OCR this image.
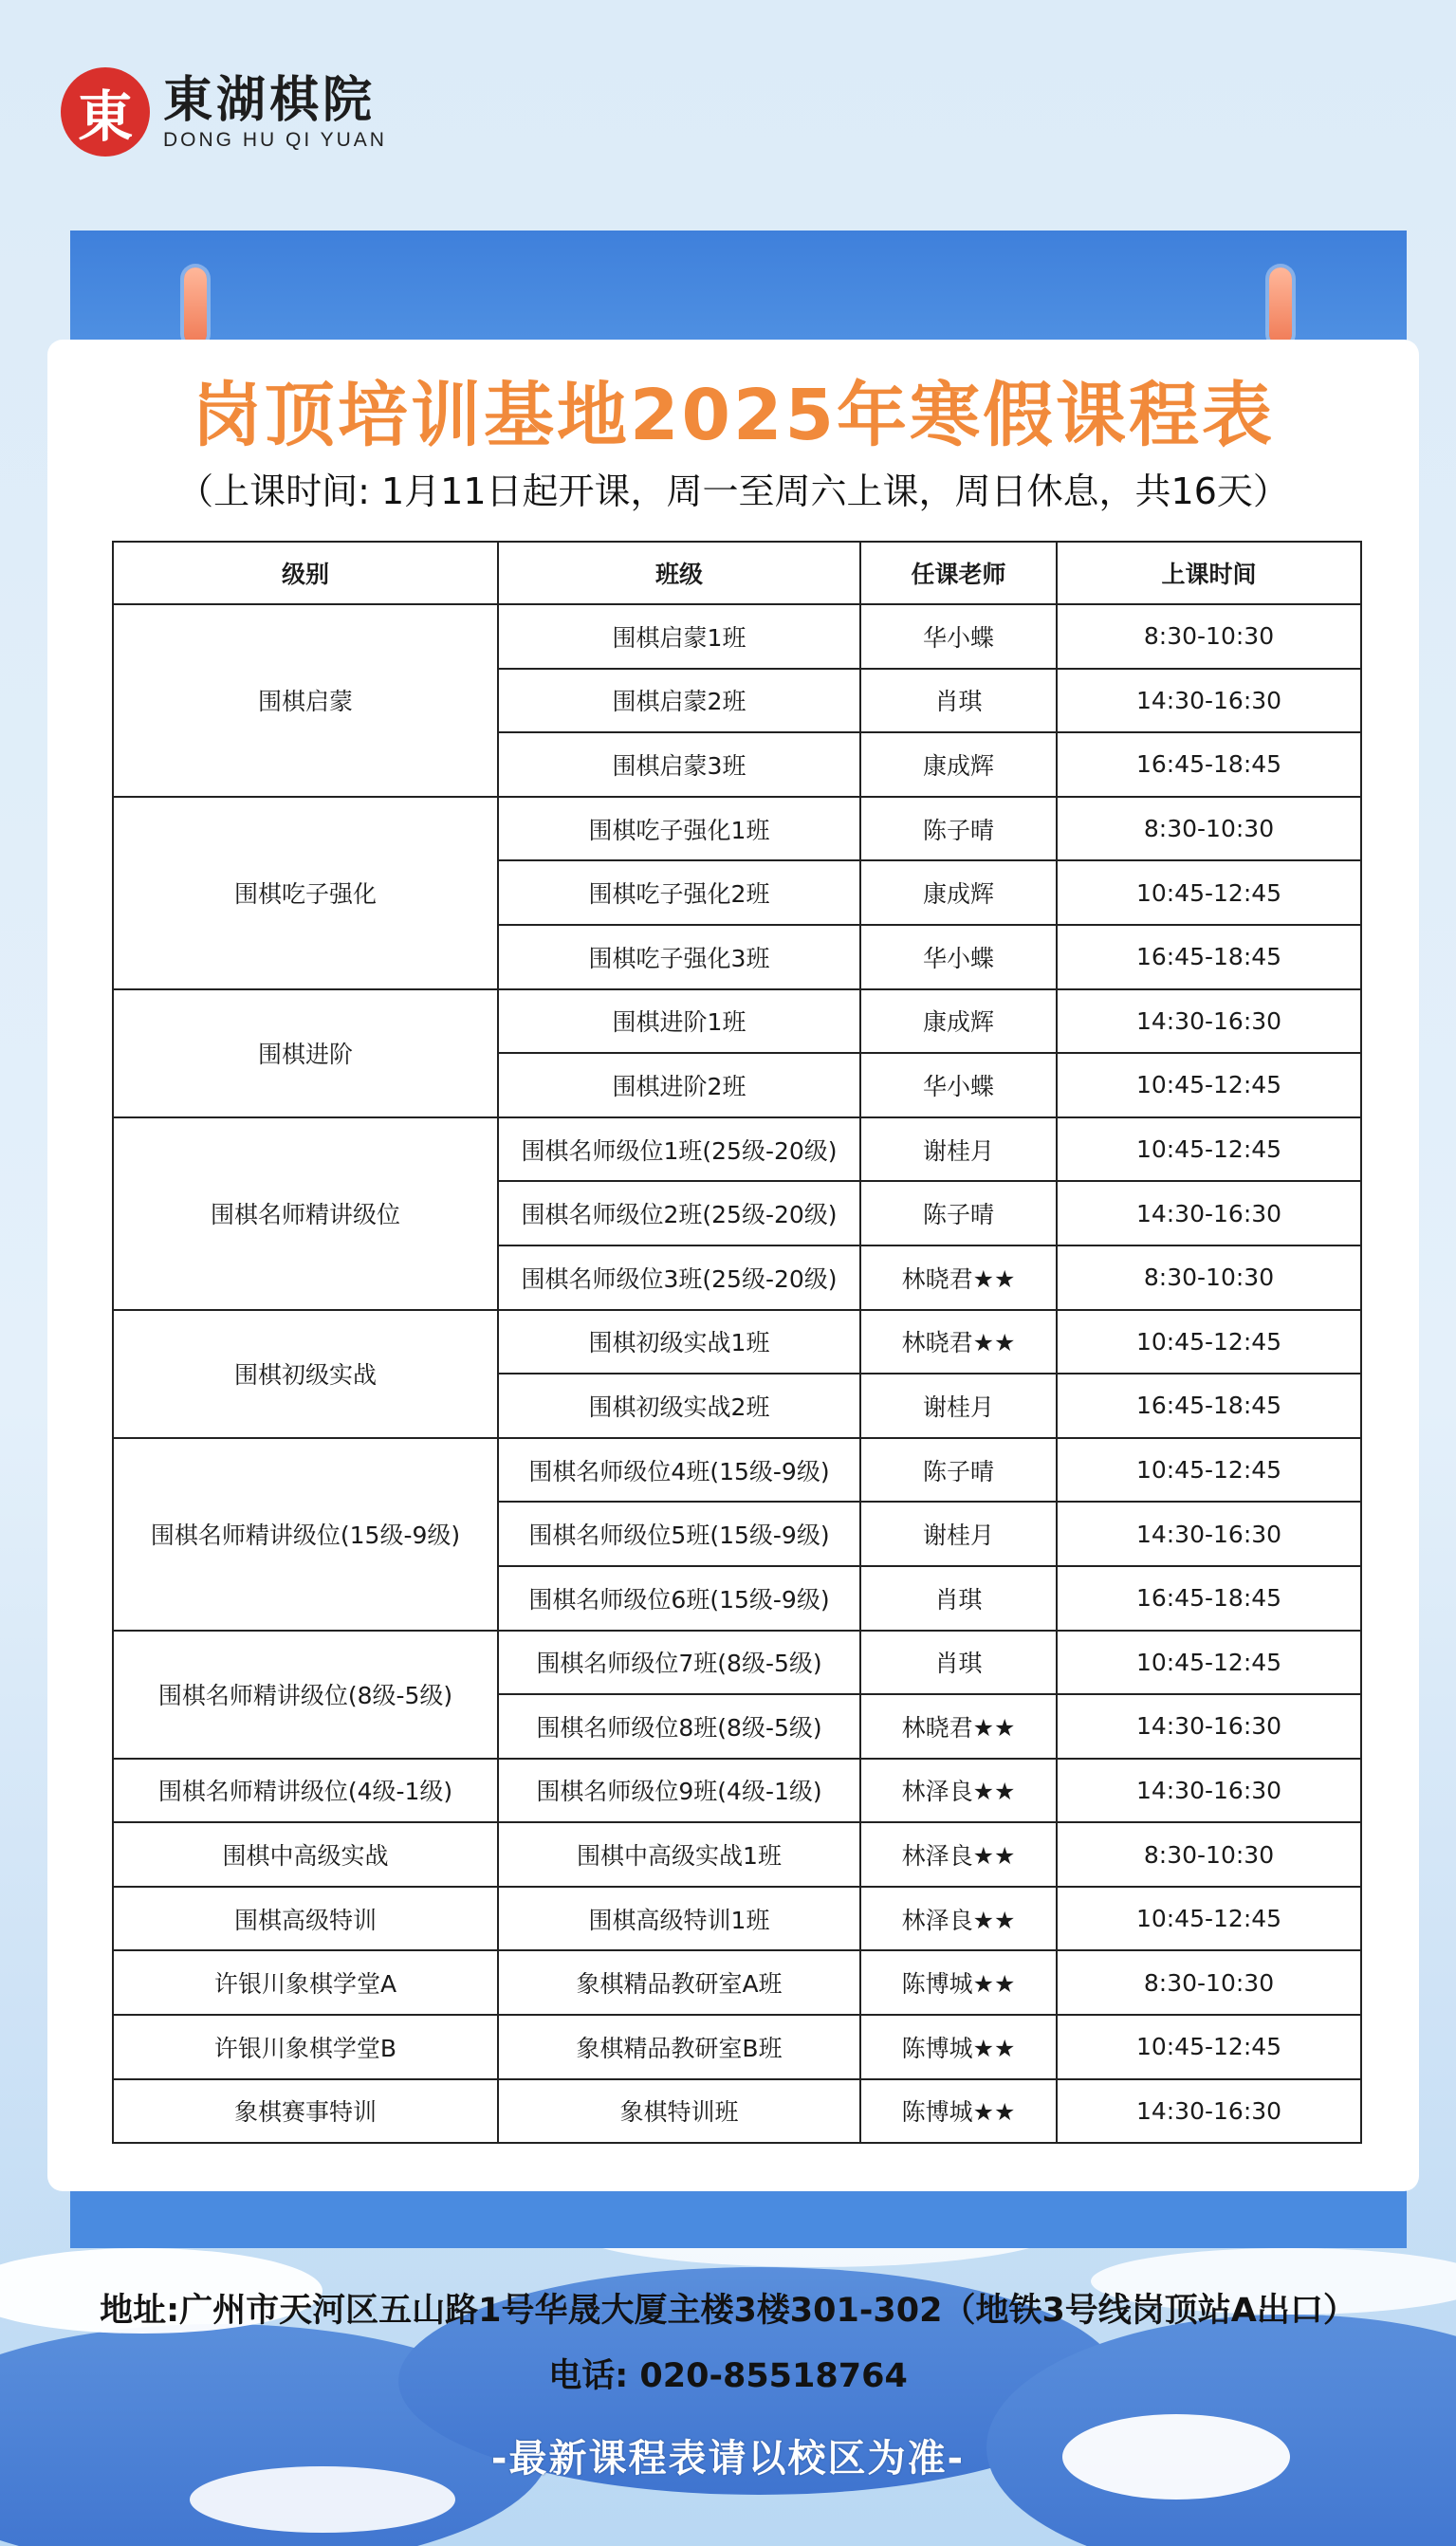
東 東湖棋院
DONG HU QI YUAN
岗顶培训基地2025年寒假课程表
（上课时间: 1月11日起开课，周一至周六上课，周日休息，共16天）
级别	班级	任课老师	上课时间
围棋启蒙	围棋启蒙1班	华小蝶	8:30-10:30
	围棋启蒙2班	肖琪	14:30-16:30
	围棋启蒙3班	康成辉	16:45-18:45
围棋吃子强化	围棋吃子强化1班	陈子晴	8:30-10:30
	围棋吃子强化2班	康成辉	10:45-12:45
	围棋吃子强化3班	华小蝶	16:45-18:45
围棋进阶	围棋进阶1班	康成辉	14:30-16:30
	围棋进阶2班	华小蝶	10:45-12:45
围棋名师精讲级位	围棋名师级位1班(25级-20级)	谢桂月	10:45-12:45
	围棋名师级位2班(25级-20级)	陈子晴	14:30-16:30
	围棋名师级位3班(25级-20级)	林晓君★★	8:30-10:30
围棋初级实战	围棋初级实战1班	林晓君★★	10:45-12:45
	围棋初级实战2班	谢桂月	16:45-18:45
围棋名师精讲级位(15级-9级)	围棋名师级位4班(15级-9级)	陈子晴	10:45-12:45
	围棋名师级位5班(15级-9级)	谢桂月	14:30-16:30
	围棋名师级位6班(15级-9级)	肖琪	16:45-18:45
围棋名师精讲级位(8级-5级)	围棋名师级位7班(8级-5级)	肖琪	10:45-12:45
	围棋名师级位8班(8级-5级)	林晓君★★	14:30-16:30
围棋名师精讲级位(4级-1级)	围棋名师级位9班(4级-1级)	林泽良★★	14:30-16:30
围棋中高级实战	围棋中高级实战1班	林泽良★★	8:30-10:30
围棋高级特训	围棋高级特训1班	林泽良★★	10:45-12:45
许银川象棋学堂A	象棋精品教研室A班	陈博城★★	8:30-10:30
许银川象棋学堂B	象棋精品教研室B班	陈博城★★	10:45-12:45
象棋赛事特训	象棋特训班	陈博城★★	14:30-16:30
地址:广州市天河区五山路1号华晟大厦主楼3楼301-302（地铁3号线岗顶站A出口）
电话: 020-85518764
-最新课程表请以校区为准-
